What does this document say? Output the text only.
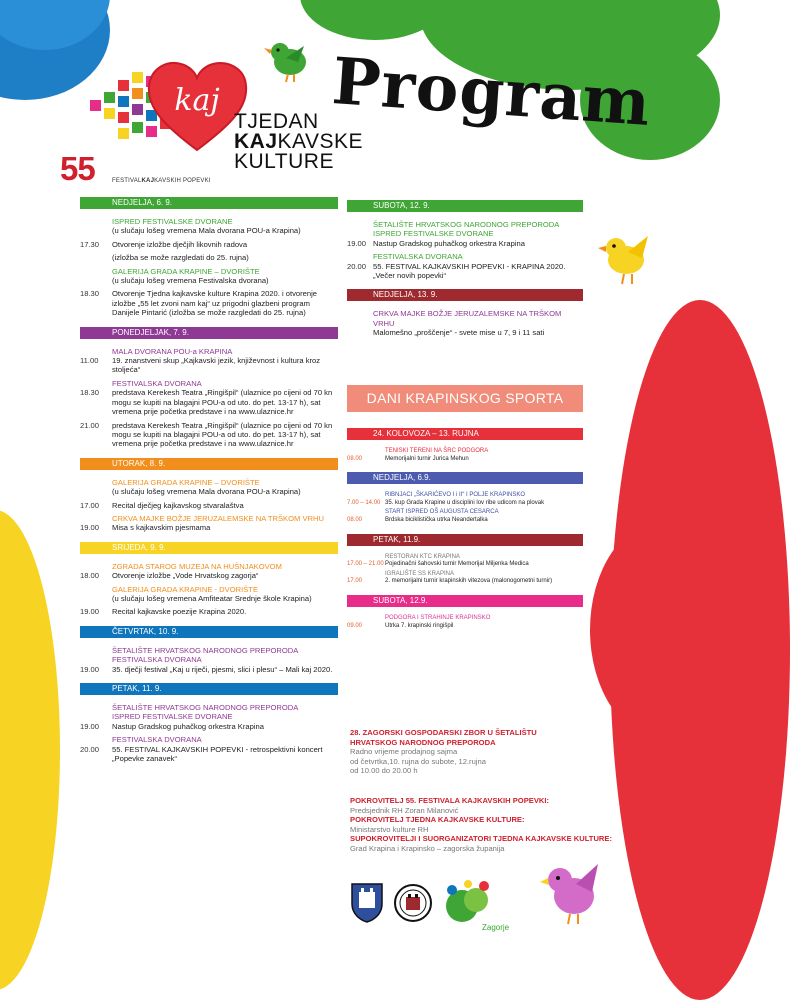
kaj
TJEDAN
KAJKAVSKE
KULTURE
55	FESTIVALKAJKAVSKIH POPEVKI
Program
NEDJELJA, 6. 9.
ISPRED FESTIVALSKE DVORANE
(u slučaju lošeg vremena Mala dvorana POU-a Krapina)
17.30	Otvorenje izložbe dječjih likovnih radova
(izložba se može razgledati do 25. rujna)
GALERIJA GRADA KRAPINE – DVORIŠTE
(u slučaju lošeg vremena Festivalska dvorana)
18.30	Otvorenje Tjedna kajkavske kulture Krapina 2020. i otvorenje izložbe „55 let zvoni nam kaj“ uz prigodni glazbeni program Danijele Pintarić (izložba se može razgledati do 25. rujna)
PONEDJELJAK, 7. 9.
MALA DVORANA POU-a KRAPINA
11.00	19. znanstveni skup „Kajkavski jezik, književnost i kultura kroz stoljeća“
FESTIVALSKA DVORANA
18.30	predstava Kerekesh Teatra „Ringišpil“ (ulaznice po cijeni od 70 kn mogu se kupiti na blagajni POU-a od uto. do pet. 13-17 h), sat vremena prije početka predstave i na www.ulaznice.hr
21.00	predstava Kerekesh Teatra „Ringišpil“ (ulaznice po cijeni od 70 kn mogu se kupiti na blagajni POU-a od uto. do pet. 13-17 h), sat vremena prije početka predstave i na www.ulaznice.hr
UTORAK, 8. 9.
GALERIJA GRADA KRAPINE – DVORIŠTE
(u slučaju lošeg vremena Mala dvorana POU-a Krapina)
17.00	Recital dječjeg kajkavskog stvaralaštva
CRKVA MAJKE BOŽJE JERUZALEMSKE NA TRŠKOM VRHU
19.00	Misa s kajkavskim pjesmama
SRIJEDA, 9. 9.
ZGRADA STAROG MUZEJA NA HUŠNJAKOVOM
18.00	Otvorenje izložbe „Vode Hrvatskog zagorja“
GALERIJA GRADA KRAPINE - DVORIŠTE
(u slučaju lošeg vremena Amfiteatar Srednje škole Krapina)
19.00	Recital kajkavske poezije Krapina 2020.
ČETVRTAK, 10. 9.
ŠETALIŠTE HRVATSKOG NARODNOG PREPORODA
FESTIVALSKA DVORANA
19.00	35. dječji festival „Kaj u riječi, pjesmi, slici i plesu“ – Mali kaj 2020.
PETAK, 11. 9.
ŠETALIŠTE HRVATSKOG NARODNOG PREPORODA
ISPRED FESTIVALSKE DVORANE
19.00	Nastup Gradskog puhačkog orkestra Krapina
FESTIVALSKA DVORANA
20.00	55. FESTIVAL KAJKAVSKIH POPEVKI - retrospektivni koncert „Popevke zanavek“
SUBOTA, 12. 9.
ŠETALIŠTE HRVATSKOG NARODNOG PREPORODA
ISPRED FESTIVALSKE DVORANE
19.00 Nastup Gradskog puhačkog orkestra Krapina
FESTIVALSKA DVORANA
20.00 55. FESTIVAL KAJKAVSKIH POPEVKI - KRAPINA 2020.„Večer novih popevki“
NEDJELJA, 13. 9.
CRKVA MAJKE BOŽJE JERUZALEMSKE NA TRŠKOM VRHU
Malomešno „proščenje“ - svete mise u 7, 9 i 11 sati
DANI KRAPINSKOG SPORTA
24. KOLOVOZA – 13. RUJNA
TENISKI TERENI NA ŠRC PODGORA
08.00	Memorijalni turnir Jurica Mehun
NEDJELJA, 6.9.
RIBNJACI „ŠKARIĆEVO I i II“ I POLJE KRAPINSKO
7.00 – 14.00 35. kup Grada Krapine u disciplini lov ribe udicom na plovak
START ISPRED OŠ AUGUSTA CESARCA
08.00	Brdska biciklistička utrka Neandertalka
PETAK, 11.9.
RESTORAN KTC KRAPINA
17.00 – 21.00 Pojedinačni šahovski turnir Memorijal Miljenka Medica
IGRALIŠTE SS KRAPINA
17.00	2. memorijalni turnir krapinskih vitezova (malonogometni turnir)
SUBOTA, 12.9.
PODGORA I STRAHINJE KRAPINSKO
09.00	Utrka 7. krapinski ringišpil
28. ZAGORSKI GOSPODARSKI ZBOR U ŠETALIŠTU HRVATSKOG NARODNOG PREPORODA
Radno vrijeme prodajnog sajma
od četvrtka,10. rujna do subote, 12.rujna
od 10.00 do 20.00 h
POKROVITELJ 55. FESTIVALA KAJKAVSKIH POPEVKI:
Predsjednik RH Zoran Milanović
POKROVITELJ TJEDNA KAJKAVSKE KULTURE:
Ministarstvo kulture RH
SUPOKROVITELJI I SUORGANIZATORI TJEDNA KAJKAVSKE KULTURE:
Grad Krapina i Krapinsko – zagorska županija
Zagorje
